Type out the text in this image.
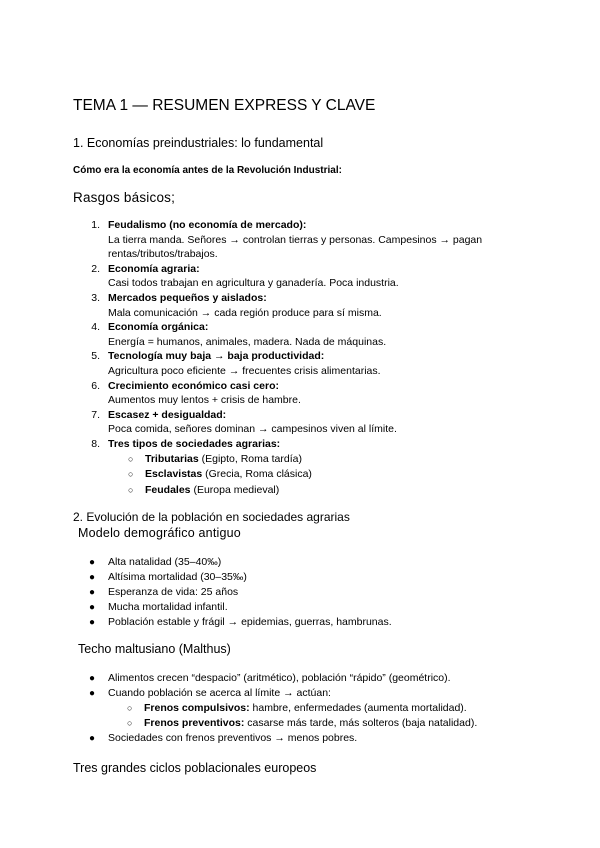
TEMA 1 — RESUMEN EXPRESS Y CLAVE
1. Economías preindustriales: lo fundamental
Cómo era la economía antes de la Revolución Industrial:
Rasgos básicos;
1. Feudalismo (no economía de mercado):
La tierra manda. Señores → controlan tierras y personas. Campesinos → pagan rentas/tributos/trabajos.
2. Economía agraria:
Casi todos trabajan en agricultura y ganadería. Poca industria.
3. Mercados pequeños y aislados:
Mala comunicación → cada región produce para sí misma.
4. Economía orgánica:
Energía = humanos, animales, madera. Nada de máquinas.
5. Tecnología muy baja → baja productividad:
Agricultura poco eficiente → frecuentes crisis alimentarias.
6. Crecimiento económico casi cero:
Aumentos muy lentos + crisis de hambre.
7. Escasez + desigualdad:
Poca comida, señores dominan → campesinos viven al límite.
8. Tres tipos de sociedades agrarias:
○ Tributarias (Egipto, Roma tardía)
○ Esclavistas (Grecia, Roma clásica)
○ Feudales (Europa medieval)
2. Evolución de la población en sociedades agrarias
Modelo demográfico antiguo
● Alta natalidad (35–40‰)
● Altísima mortalidad (30–35‰)
● Esperanza de vida: 25 años
● Mucha mortalidad infantil.
● Población estable y frágil → epidemias, guerras, hambrunas.
Techo maltusiano (Malthus)
● Alimentos crecen “despacio” (aritmético), población “rápido” (geométrico).
● Cuando población se acerca al límite → actúan:
○ Frenos compulsivos: hambre, enfermedades (aumenta mortalidad).
○ Frenos preventivos: casarse más tarde, más solteros (baja natalidad).
● Sociedades con frenos preventivos → menos pobres.
Tres grandes ciclos poblacionales europeos
